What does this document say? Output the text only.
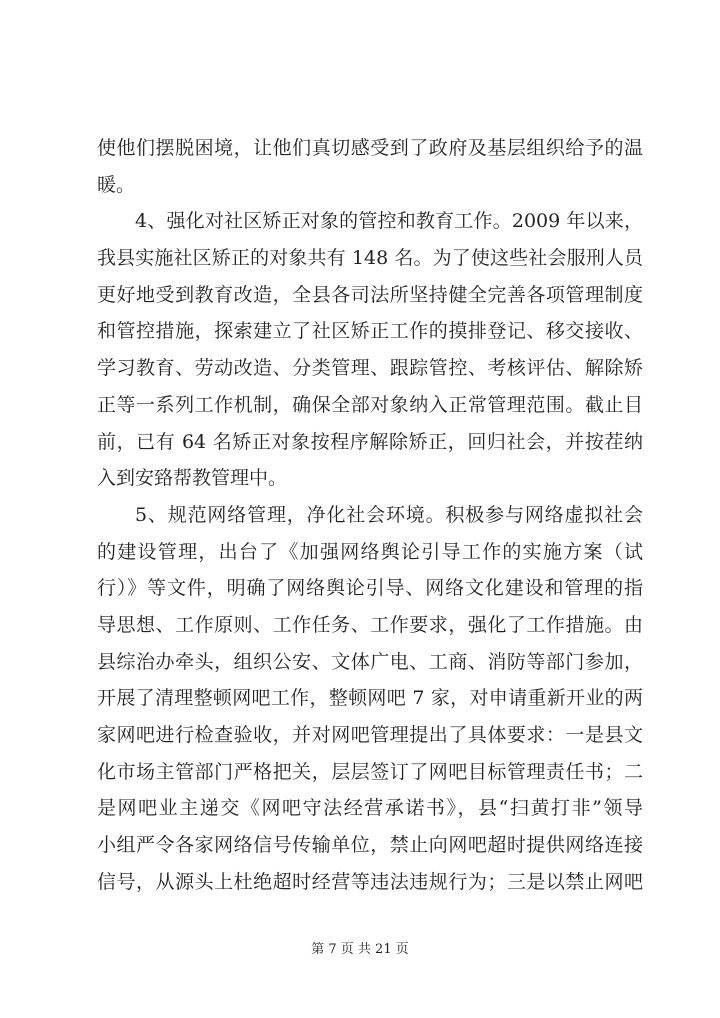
使他们摆脱困境，让他们真切感受到了政府及基层组织给予的温
暖。
4、强化对社区矫正对象的管控和教育工作。2009 年以来，
我县实施社区矫正的对象共有 148 名。为了使这些社会服刑人员
更好地受到教育改造，全县各司法所坚持健全完善各项管理制度
和管控措施，探索建立了社区矫正工作的摸排登记、移交接收、
学习教育、劳动改造、分类管理、跟踪管控、考核评估、解除矫
正等一系列工作机制，确保全部对象纳入正常管理范围。截止目
前，已有 64 名矫正对象按程序解除矫正，回归社会，并按茬纳
入到安臵帮教管理中。
5、规范网络管理，净化社会环境。积极参与网络虚拟社会
的建设管理，出台了《加强网络舆论引导工作的实施方案（试
行）》等文件，明确了网络舆论引导、网络文化建设和管理的指
导思想、工作原则、工作任务、工作要求，强化了工作措施。由
县综治办牵头，组织公安、文体广电、工商、消防等部门参加，
开展了清理整顿网吧工作，整顿网吧 7 家，对申请重新开业的两
家网吧进行检查验收，并对网吧管理提出了具体要求：一是县文
化市场主管部门严格把关，层层签订了网吧目标管理责任书；二
是网吧业主递交《网吧守法经营承诺书》，县“扫黄打非”领导
小组严令各家网络信号传输单位，禁止向网吧超时提供网络连接
信号，从源头上杜绝超时经营等违法违规行为；三是以禁止网吧
第 7 页 共 21 页
